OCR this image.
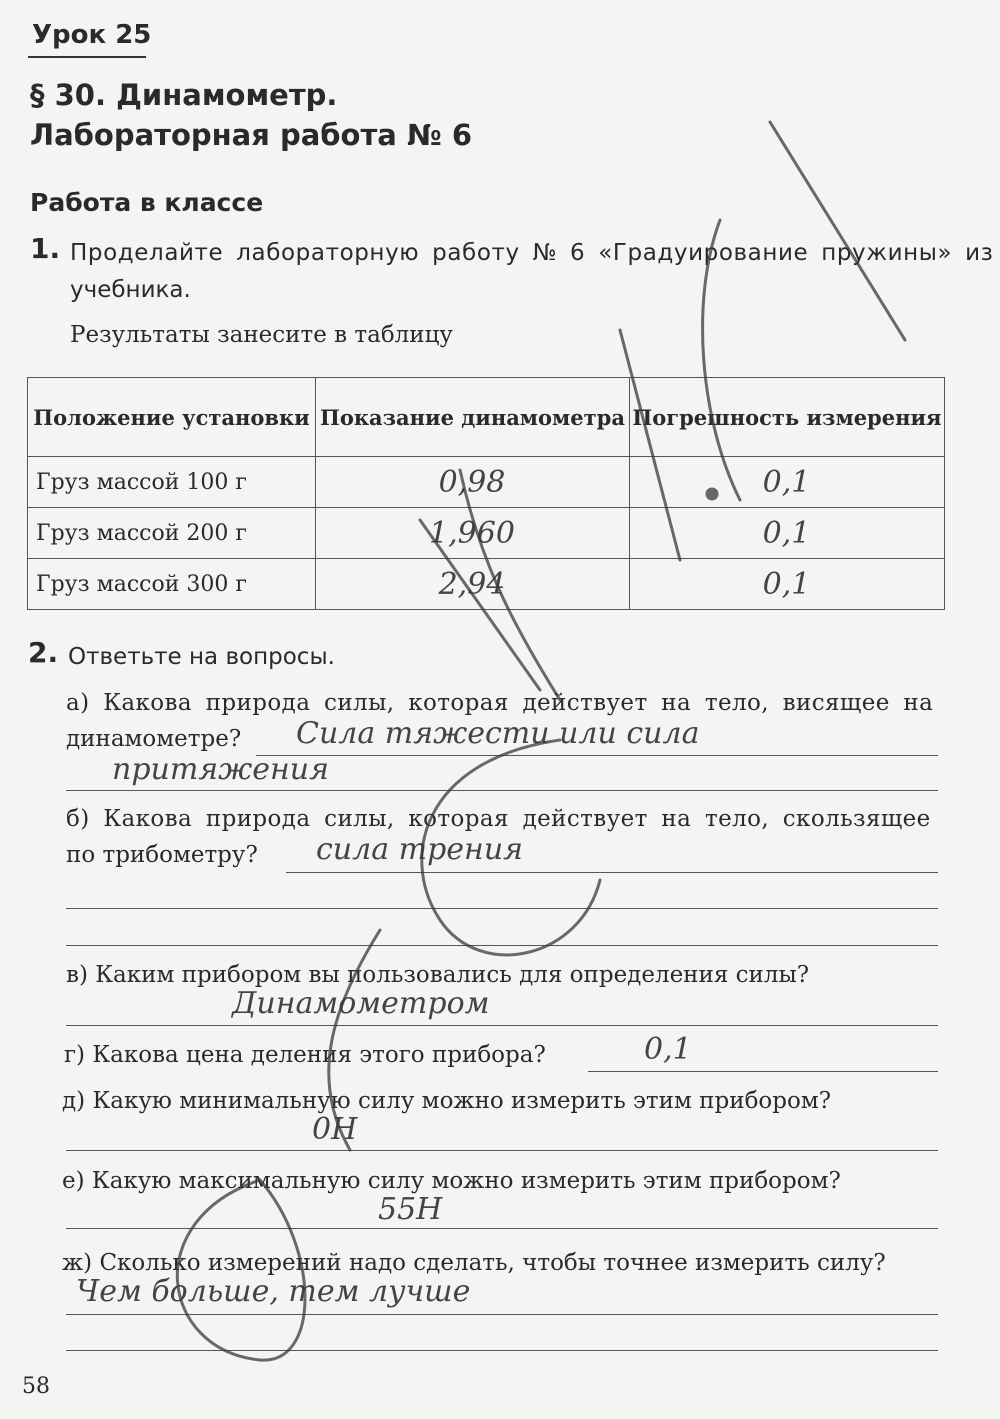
Урок 25
§ 30. Динамометр.
Лабораторная работа № 6
Работа в классе
1. Проделайте лабораторную работу № 6 «Градуирование пружины» из
учебника.
Результаты занесите в таблицу
Положение установки	Показание динамометра	Погрешность измерения
Груз массой 100 г	0,98	0,1
Груз массой 200 г	1,960	0,1
Груз массой 300 г	2,94	0,1
2. Ответьте на вопросы.
а) Какова природа силы, которая действует на тело, висящее на
динамометре? Сила тяжести или сила
притяжения
б) Какова природа силы, которая действует на тело, скользящее
по трибометру? сила трения
в) Каким прибором вы пользовались для определения силы?
Динамометром
г) Какова цена деления этого прибора?	0,1
д) Какую минимальную силу можно измерить этим прибором?
0Н
е) Какую максимальную силу можно измерить этим прибором?
55Н
ж) Сколько измерений надо сделать, чтобы точнее измерить силу?
Чем больше, тем лучше
58
